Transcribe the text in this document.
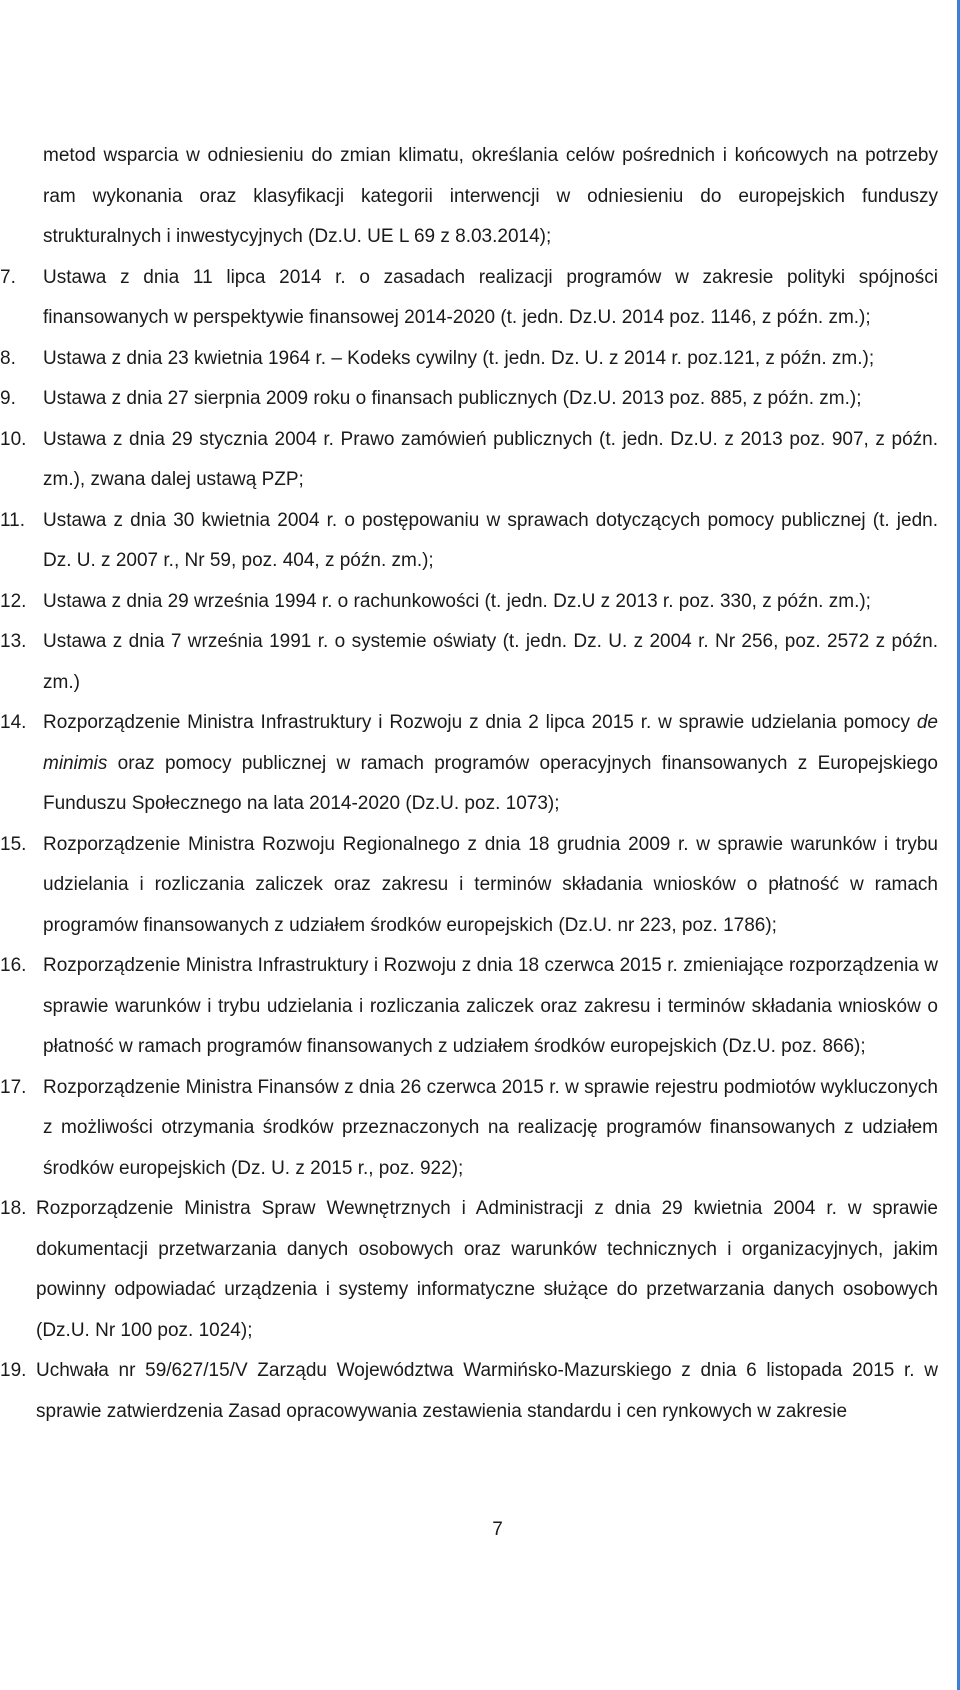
metod wsparcia w odniesieniu do zmian klimatu, określania celów pośrednich i końcowych na potrzeby ram wykonania oraz klasyfikacji kategorii interwencji w odniesieniu do europejskich funduszy strukturalnych i inwestycyjnych (Dz.U. UE L 69 z 8.03.2014);

7. Ustawa z dnia 11 lipca 2014 r. o zasadach realizacji programów w zakresie polityki spójności finansowanych w perspektywie finansowej 2014-2020 (t. jedn. Dz.U. 2014 poz. 1146, z późn. zm.);
8. Ustawa z dnia 23 kwietnia 1964 r. – Kodeks cywilny (t. jedn. Dz. U. z 2014 r. poz.121, z późn. zm.);
9. Ustawa z dnia 27 sierpnia 2009 roku o finansach publicznych (Dz.U. 2013 poz. 885, z późn. zm.);
10. Ustawa z dnia 29 stycznia 2004 r. Prawo zamówień publicznych (t. jedn. Dz.U. z 2013 poz. 907, z późn. zm.), zwana dalej ustawą PZP;
11. Ustawa z dnia 30 kwietnia 2004 r. o postępowaniu w sprawach dotyczących pomocy publicznej (t. jedn. Dz. U. z 2007 r., Nr 59, poz. 404, z późn. zm.);
12. Ustawa z dnia 29 września 1994 r. o rachunkowości (t. jedn. Dz.U z 2013 r. poz. 330, z późn. zm.);
13. Ustawa z dnia 7 września 1991 r. o systemie oświaty (t. jedn. Dz. U. z 2004 r. Nr 256, poz. 2572 z późn. zm.)
14. Rozporządzenie Ministra Infrastruktury i Rozwoju z dnia 2 lipca 2015 r. w sprawie udzielania pomocy de minimis oraz pomocy publicznej w ramach programów operacyjnych finansowanych z Europejskiego Funduszu Społecznego na lata 2014-2020 (Dz.U. poz. 1073);
15. Rozporządzenie Ministra Rozwoju Regionalnego z dnia 18 grudnia 2009 r. w sprawie warunków i trybu udzielania i rozliczania zaliczek oraz zakresu i terminów składania wniosków o płatność w ramach programów finansowanych z udziałem środków europejskich (Dz.U. nr 223, poz. 1786);
16. Rozporządzenie Ministra Infrastruktury i Rozwoju z dnia 18 czerwca 2015 r. zmieniające rozporządzenia w sprawie warunków i trybu udzielania i rozliczania zaliczek oraz zakresu i terminów składania wniosków o płatność w ramach programów finansowanych z udziałem środków europejskich (Dz.U. poz. 866);
17. Rozporządzenie Ministra Finansów z dnia 26 czerwca 2015 r. w sprawie rejestru podmiotów wykluczonych z możliwości otrzymania środków przeznaczonych na realizację programów finansowanych z udziałem środków europejskich (Dz. U. z 2015 r., poz. 922);
18. Rozporządzenie Ministra Spraw Wewnętrznych i Administracji z dnia 29 kwietnia 2004 r. w sprawie dokumentacji przetwarzania danych osobowych oraz warunków technicznych i organizacyjnych, jakim powinny odpowiadać urządzenia i systemy informatyczne służące do przetwarzania danych osobowych (Dz.U. Nr 100 poz. 1024);
19. Uchwała nr 59/627/15/V Zarządu Województwa Warmińsko-Mazurskiego z dnia 6 listopada 2015 r. w sprawie zatwierdzenia Zasad opracowywania zestawienia standardu i cen rynkowych w zakresie
7
